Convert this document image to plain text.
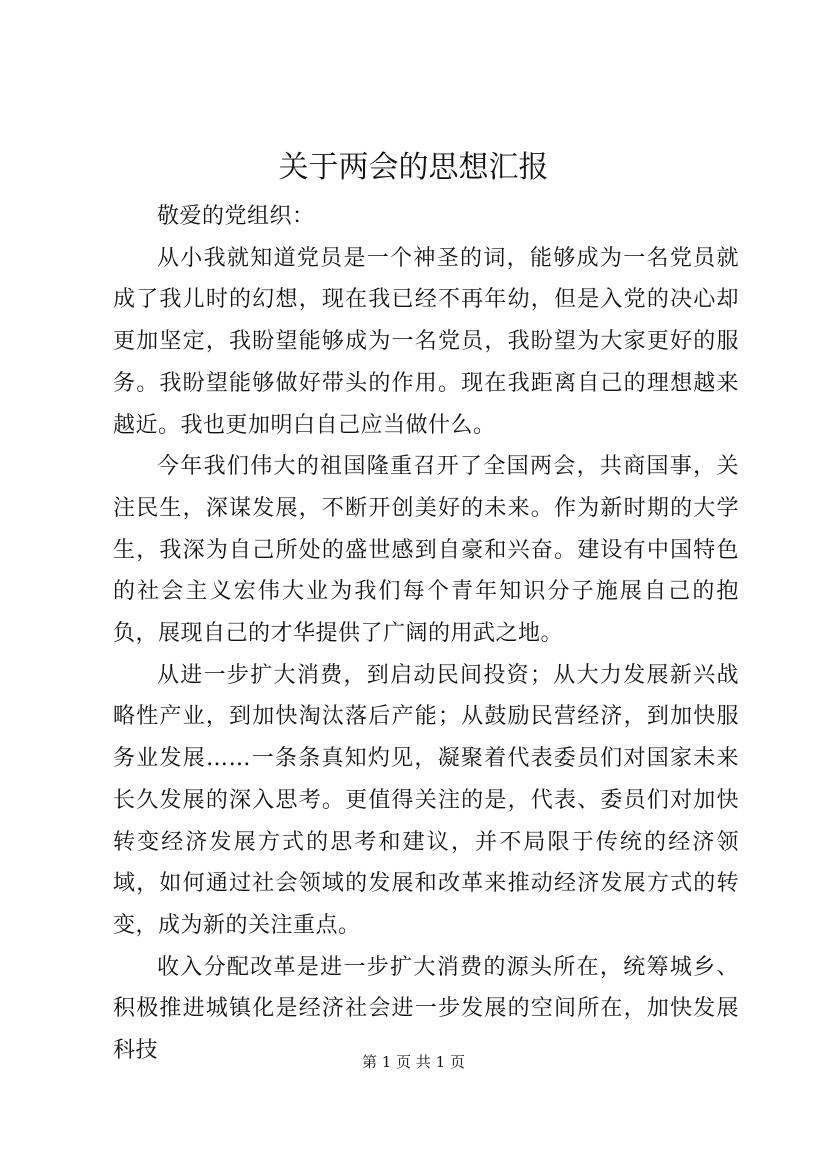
关于两会的思想汇报

敬爱的党组织：

从小我就知道党员是一个神圣的词，能够成为一名党员就成了我儿时的幻想，现在我已经不再年幼，但是入党的决心却更加坚定，我盼望能够成为一名党员，我盼望为大家更好的服务。我盼望能够做好带头的作用。现在我距离自己的理想越来越近。我也更加明白自己应当做什么。

今年我们伟大的祖国隆重召开了全国两会，共商国事，关注民生，深谋发展，不断开创美好的未来。作为新时期的大学生，我深为自己所处的盛世感到自豪和兴奋。建设有中国特色的社会主义宏伟大业为我们每个青年知识分子施展自己的抱负，展现自己的才华提供了广阔的用武之地。

从进一步扩大消费，到启动民间投资；从大力发展新兴战略性产业，到加快淘汰落后产能；从鼓励民营经济，到加快服务业发展……一条条真知灼见，凝聚着代表委员们对国家未来长久发展的深入思考。更值得关注的是，代表、委员们对加快转变经济发展方式的思考和建议，并不局限于传统的经济领域，如何通过社会领域的发展和改革来推动经济发展方式的转变，成为新的关注重点。

收入分配改革是进一步扩大消费的源头所在，统筹城乡、积极推进城镇化是经济社会进一步发展的空间所在，加快发展科技	第 1 页 共 1 页
